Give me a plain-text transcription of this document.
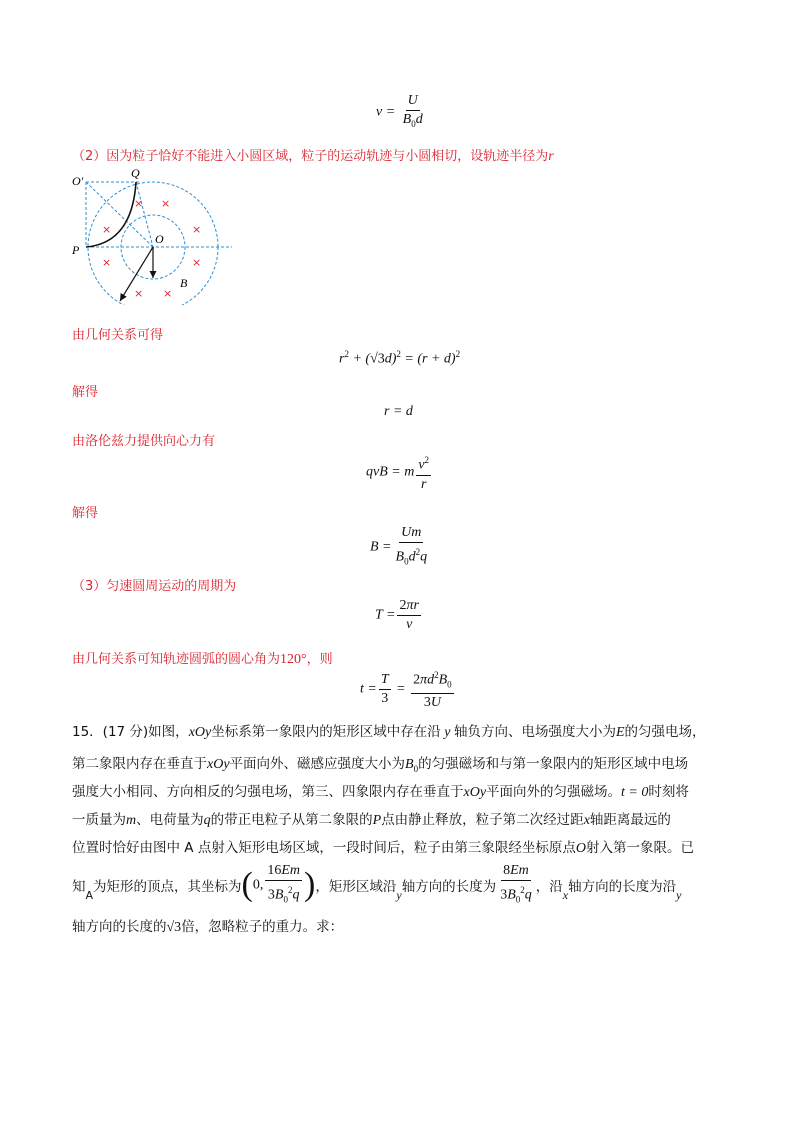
$v = \frac{U}{B_0d}$
（2）因为粒子恰好不能进入小圆区域，粒子的运动轨迹与小圆相切，设轨迹半径为r
× ×
×	×
×	×
× ×
O′
Q
O
P
B
由几何关系可得
$r^2 + (√3d)^2 = (r + d)^2$
解得
r = d
由洛伦兹力提供向心力有
qvB = m $\frac{v^2}{r}$
解得
$B = \frac{Um}{B_0d^2q}$
（3）匀速圆周运动的周期为
$T = \frac{2\pi r}{v}$
由几何关系可知轨迹圆弧的圆心角为120°，则
$t = \frac{T}{3} = \frac{2\pi d^2B_0}{3U}$
15．(17 分)如图，xOy坐标系第一象限内的矩形区域中存在沿 y 轴负方向、电场强度大小为E的匀强电场，
第二象限内存在垂直于xOy平面向外、磁感应强度大小为$B_0$的匀强磁场和与第一象限内的矩形区域中电场
强度大小相同、方向相反的匀强电场，第三、四象限内存在垂直于xOy平面向外的匀强磁场。t = 0时刻将
一质量为m、电荷量为q的带正电粒子从第二象限的P点由静止释放，粒子第二次经过距x轴距离最远的
位置时恰好由图中 A 点射入矩形电场区域，一段时间后，粒子由第三象限经坐标原点O射入第一象限。已
知 A 为矩形的顶点，其坐标为 (0, $\frac{16Em}{3B_0^2q}$ ) ，矩形区域沿 y 轴方向的长度为 $\frac{8Em}{3B_0^2q}$ ，沿 x 轴方向的长度为沿 y
轴方向的长度的√3倍，忽略粒子的重力。求：
